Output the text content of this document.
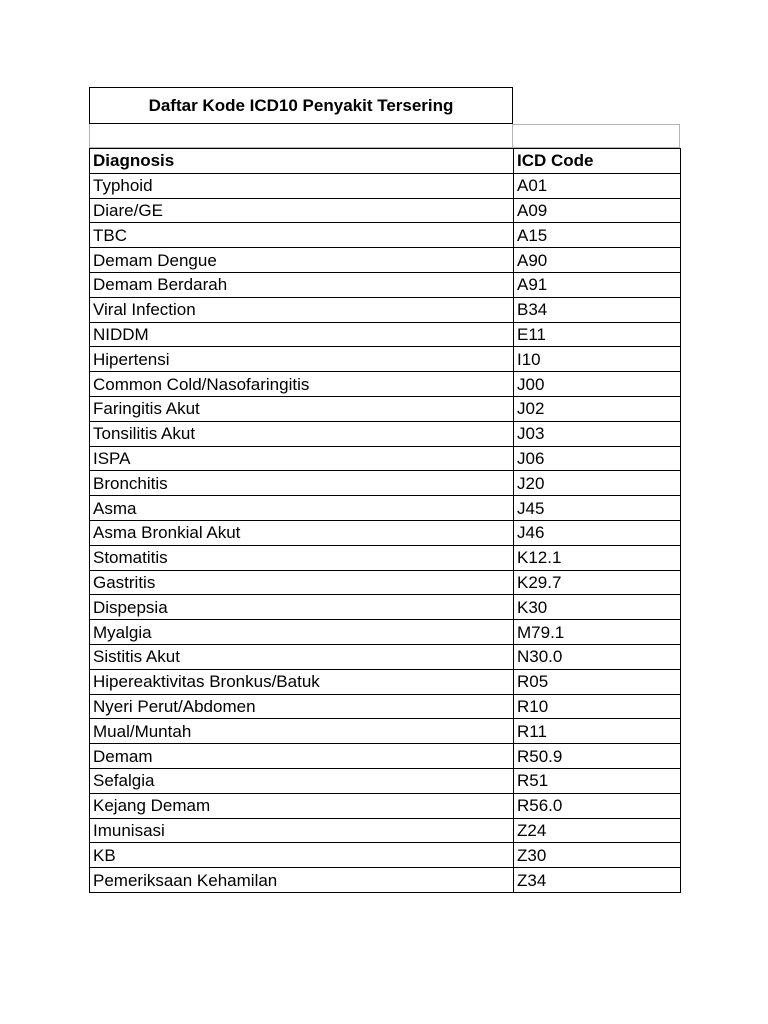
Daftar Kode ICD10 Penyakit Tersering
Diagnosis	ICD Code
Typhoid	A01
Diare/GE	A09
TBC	A15
Demam Dengue	A90
Demam Berdarah	A91
Viral Infection	B34
NIDDM	E11
Hipertensi	I10
Common Cold/Nasofaringitis	J00
Faringitis Akut	J02
Tonsilitis Akut	J03
ISPA	J06
Bronchitis	J20
Asma	J45
Asma Bronkial Akut	J46
Stomatitis	K12.1
Gastritis	K29.7
Dispepsia	K30
Myalgia	M79.1
Sistitis Akut	N30.0
Hipereaktivitas Bronkus/Batuk	R05
Nyeri Perut/Abdomen	R10
Mual/Muntah	R11
Demam	R50.9
Sefalgia	R51
Kejang Demam	R56.0
Imunisasi	Z24
KB	Z30
Pemeriksaan Kehamilan	Z34
